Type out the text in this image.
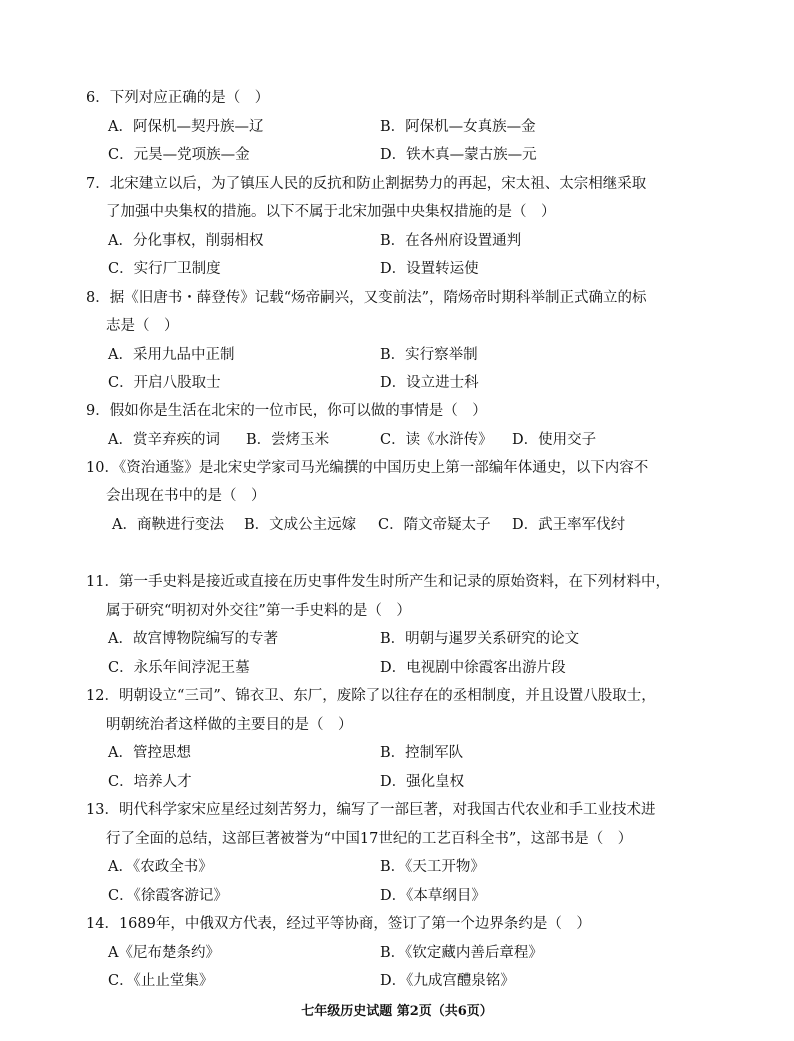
6．下列对应正确的是（　）
A．阿保机—契丹族—辽	B．阿保机—女真族—金
C．元昊—党项族—金	D．铁木真—蒙古族—元
7．北宋建立以后，为了镇压人民的反抗和防止割据势力的再起，宋太祖、太宗相继采取
了加强中央集权的措施。以下不属于北宋加强中央集权措施的是（　）
A．分化事权，削弱相权	B．在各州府设置通判
C．实行厂卫制度	D．设置转运使
8．据《旧唐书・薛登传》记载“炀帝嗣兴，又变前法”，隋炀帝时期科举制正式确立的标
志是（　）
A．采用九品中正制	B．实行察举制
C．开启八股取士	D．设立进士科
9．假如你是生活在北宋的一位市民，你可以做的事情是（　）
A．赏辛弃疾的词 B．尝烤玉米	C．读《水浒传》 D．使用交子
10．《资治通鉴》是北宋史学家司马光编撰的中国历史上第一部编年体通史，以下内容不
会出现在书中的是（　）
A．商鞅进行变法 B．文成公主远嫁 C．隋文帝疑太子 D．武王率军伐纣
11．第一手史料是接近或直接在历史事件发生时所产生和记录的原始资料，在下列材料中，
属于研究“明初对外交往”第一手史料的是（　）
A．故宫博物院编写的专著	B．明朝与暹罗关系研究的论文
C．永乐年间浡泥王墓	D．电视剧中徐霞客出游片段
12．明朝设立“三司”、锦衣卫、东厂，废除了以往存在的丞相制度，并且设置八股取士，
明朝统治者这样做的主要目的是（　）
A．管控思想	B．控制军队
C．培养人才	D．强化皇权
13．明代科学家宋应星经过刻苦努力，编写了一部巨著，对我国古代农业和手工业技术进
行了全面的总结，这部巨著被誉为“中国17世纪的工艺百科全书”，这部书是（　）
A．《农政全书》	B．《天工开物》
C．《徐霞客游记》	D．《本草纲目》
14．1689年，中俄双方代表，经过平等协商，签订了第一个边界条约是（　）
A《尼布楚条约》	B．《钦定藏内善后章程》
C．《止止堂集》	D．《九成宫醴泉铭》
七年级历史试题 第2页（共6页）
